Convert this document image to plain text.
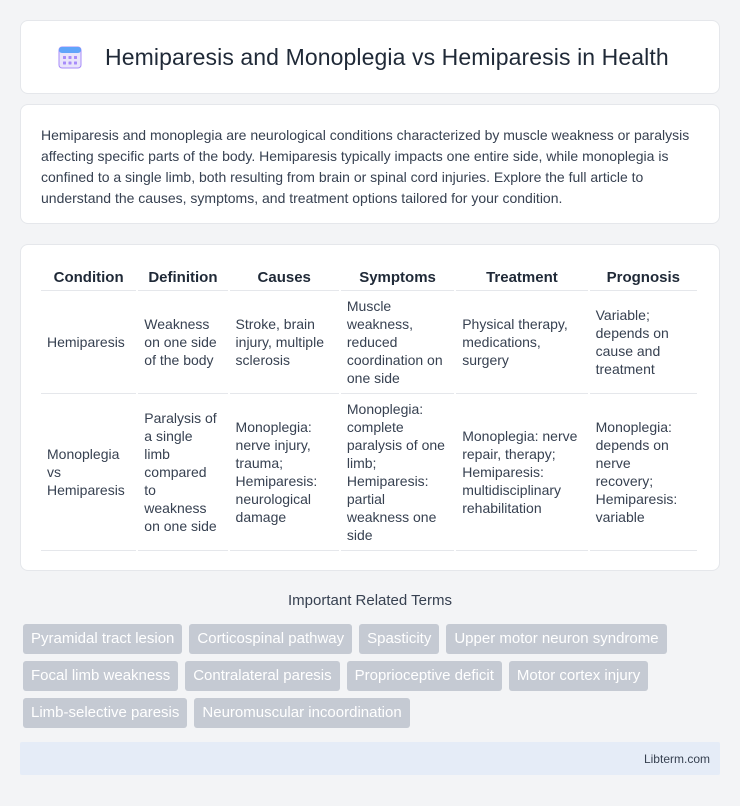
Hemiparesis and Monoplegia vs Hemiparesis in Health

Hemiparesis and monoplegia are neurological conditions characterized by muscle weakness or paralysis affecting specific parts of the body. Hemiparesis typically impacts one entire side, while monoplegia is confined to a single limb, both resulting from brain or spinal cord injuries. Explore the full article to understand the causes, symptoms, and treatment options tailored for your condition.

Condition	Definition	Causes	Symptoms	Treatment	Prognosis
Hemiparesis	Weakness on one side of the body	Stroke, brain injury, multiple sclerosis	Muscle weakness, reduced coordination on one side	Physical therapy, medications, surgery	Variable; depends on cause and treatment
Monoplegia vs Hemiparesis	Paralysis of a single limb compared to weakness on one side	Monoplegia: nerve injury, trauma; Hemiparesis: neurological damage	Monoplegia: complete paralysis of one limb; Hemiparesis: partial weakness one side	Monoplegia: nerve repair, therapy; Hemiparesis: multidisciplinary rehabilitation	Monoplegia: depends on nerve recovery; Hemiparesis: variable
Important Related Terms
Pyramidal tract lesion	Corticospinal pathway	Spasticity	Upper motor neuron syndrome
Focal limb weakness	Contralateral paresis	Proprioceptive deficit	Motor cortex injury
Limb-selective paresis	Neuromuscular incoordination
Libterm.com
